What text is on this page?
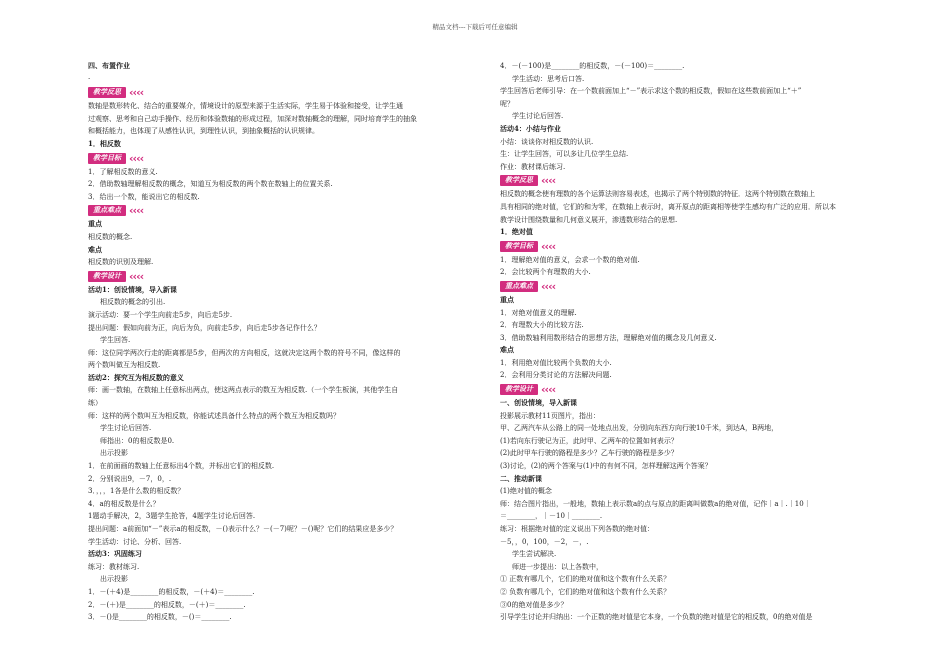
精品文档---下载后可任意编辑
四、布置作业
·
教学反思 ‹ ‹ ‹ ‹
数轴是数形转化、结合的重要媒介，情境设计的原型来源于生活实际，学生易于体验和接受，让学生通
过观察、思考和自己动手操作、经历和体验数轴的形成过程，加深对数轴概念的理解，同时培育学生的抽象
和概括能力，也体现了从感性认识，到理性认识，到抽象概括的认识规律。
1．相反数
教学目标 ‹ ‹ ‹ ‹
1．了解相反数的意义.
2．借助数轴理解相反数的概念，知道互为相反数的两个数在数轴上的位置关系.
3．给出一个数，能说出它的相反数.
重点难点 ‹ ‹ ‹ ‹
重点
相反数的概念.
难点
相反数的识别及理解.
教学设计 ‹ ‹ ‹ ‹
活动1：创设情境，导入新课
相反数的概念的引出.
演示活动：要一个学生向前走5步，向后走5步.
提出问题：假如向前为正，向后为负，向前走5步，向后走5步各记作什么？
学生回答.
师：这位同学两次行走的距离都是5步，但两次的方向相反，这就决定这两个数的符号不同，像这样的
两个数叫做互为相反数.
活动2：探究互为相反数的意义
师：画一数轴，在数轴上任意标出两点，使这两点表示的数互为相反数.（一个学生板演，其他学生自
练）
师：这样的两个数叫互为相反数，你能试述具备什么特点的两个数互为相反数吗？
学生讨论后回答.
师指出：0的相反数是0.
出示投影
1．在前面画的数轴上任意标出4个数，并标出它们的相反数.
2．分别说出9，－7，0，.
3．，，，1各是什么数的相反数？
4．a的相反数是什么？
1题动手解决，2，3题学生抢答，4题学生讨论后回答.
提出问题：a前面加“－”表示a的相反数，－()表示什么？－(－7)呢？－()呢？它们的结果应是多少？
学生活动：讨论、分析、回答.
活动3：巩固练习
练习：教材练习.
出示投影
1．－(＋4)是________的相反数，－(＋4)＝________.
2．－(＋)是________的相反数，－(＋)＝________.
3．－()是________的相反数，－()＝________.
4．－(－100)是________的相反数，－(－100)＝________.
学生活动：思考后口答.
学生回答后老师引导：在一个数前面加上“－”表示求这个数的相反数，假如在这些数前面加上“＋”
呢？
学生讨论后回答.
活动4：小结与作业
小结：谈谈你对相反数的认识.
生：让学生回答，可以多让几位学生总结.
作业：教材课后练习.
教学反思 ‹ ‹ ‹ ‹
相反数的概念使有理数的各个运算法则容易表述，也揭示了两个特别数的特征．这两个特别数在数轴上
具有相同的绝对值，它们的和为零，在数轴上表示时，离开原点的距离相等使学生感均有广泛的应用．所以本
教学设计围绕数量和几何意义展开，渗透数形结合的思想.
1．绝对值
教学目标 ‹ ‹ ‹ ‹
1．理解绝对值的意义，会求一个数的绝对值.
2．会比较两个有理数的大小.
重点难点 ‹ ‹ ‹ ‹
重点
1．对绝对值意义的理解.
2．有理数大小的比较方法.
3．借助数轴利用数形结合的思想方法，理解绝对值的概念及几何意义.
难点
1．利用绝对值比较两个负数的大小.
2．会利用分类讨论的方法解决问题.
教学设计 ‹ ‹ ‹ ‹
一、创设情境，导入新课
投影展示教材11页图片，指出：
甲、乙两汽车从公路上的同一处地点出发，分别向东西方向行驶10千米，到达A，B两地，
(1)若向东行驶记为正，此时甲、乙两车的位置如何表示？
(2)此时甲车行驶的路程是多少？乙车行驶的路程是多少？
(3)讨论，(2)的两个答案与(1)中的有何不同，怎样理解这两个答案？
二、推动新课
(1)绝对值的概念
师：结合图片指出，一般地，数轴上表示数a的点与原点的距离叫做数a的绝对值，记作｜a｜.｜10｜
＝________，｜－10｜________.
练习：根据绝对值的定义说出下列各数的绝对值：
－5，，0，100，－2，－，.
学生尝试解决.
师进一步提出：以上各数中，
① 正数有哪几个，它们的绝对值和这个数有什么关系？
② 负数有哪几个，它们的绝对值和这个数有什么关系？
③0的绝对值是多少？
引导学生讨论并归纳出：一个正数的绝对值是它本身，一个负数的绝对值是它的相反数，0的绝对值是
